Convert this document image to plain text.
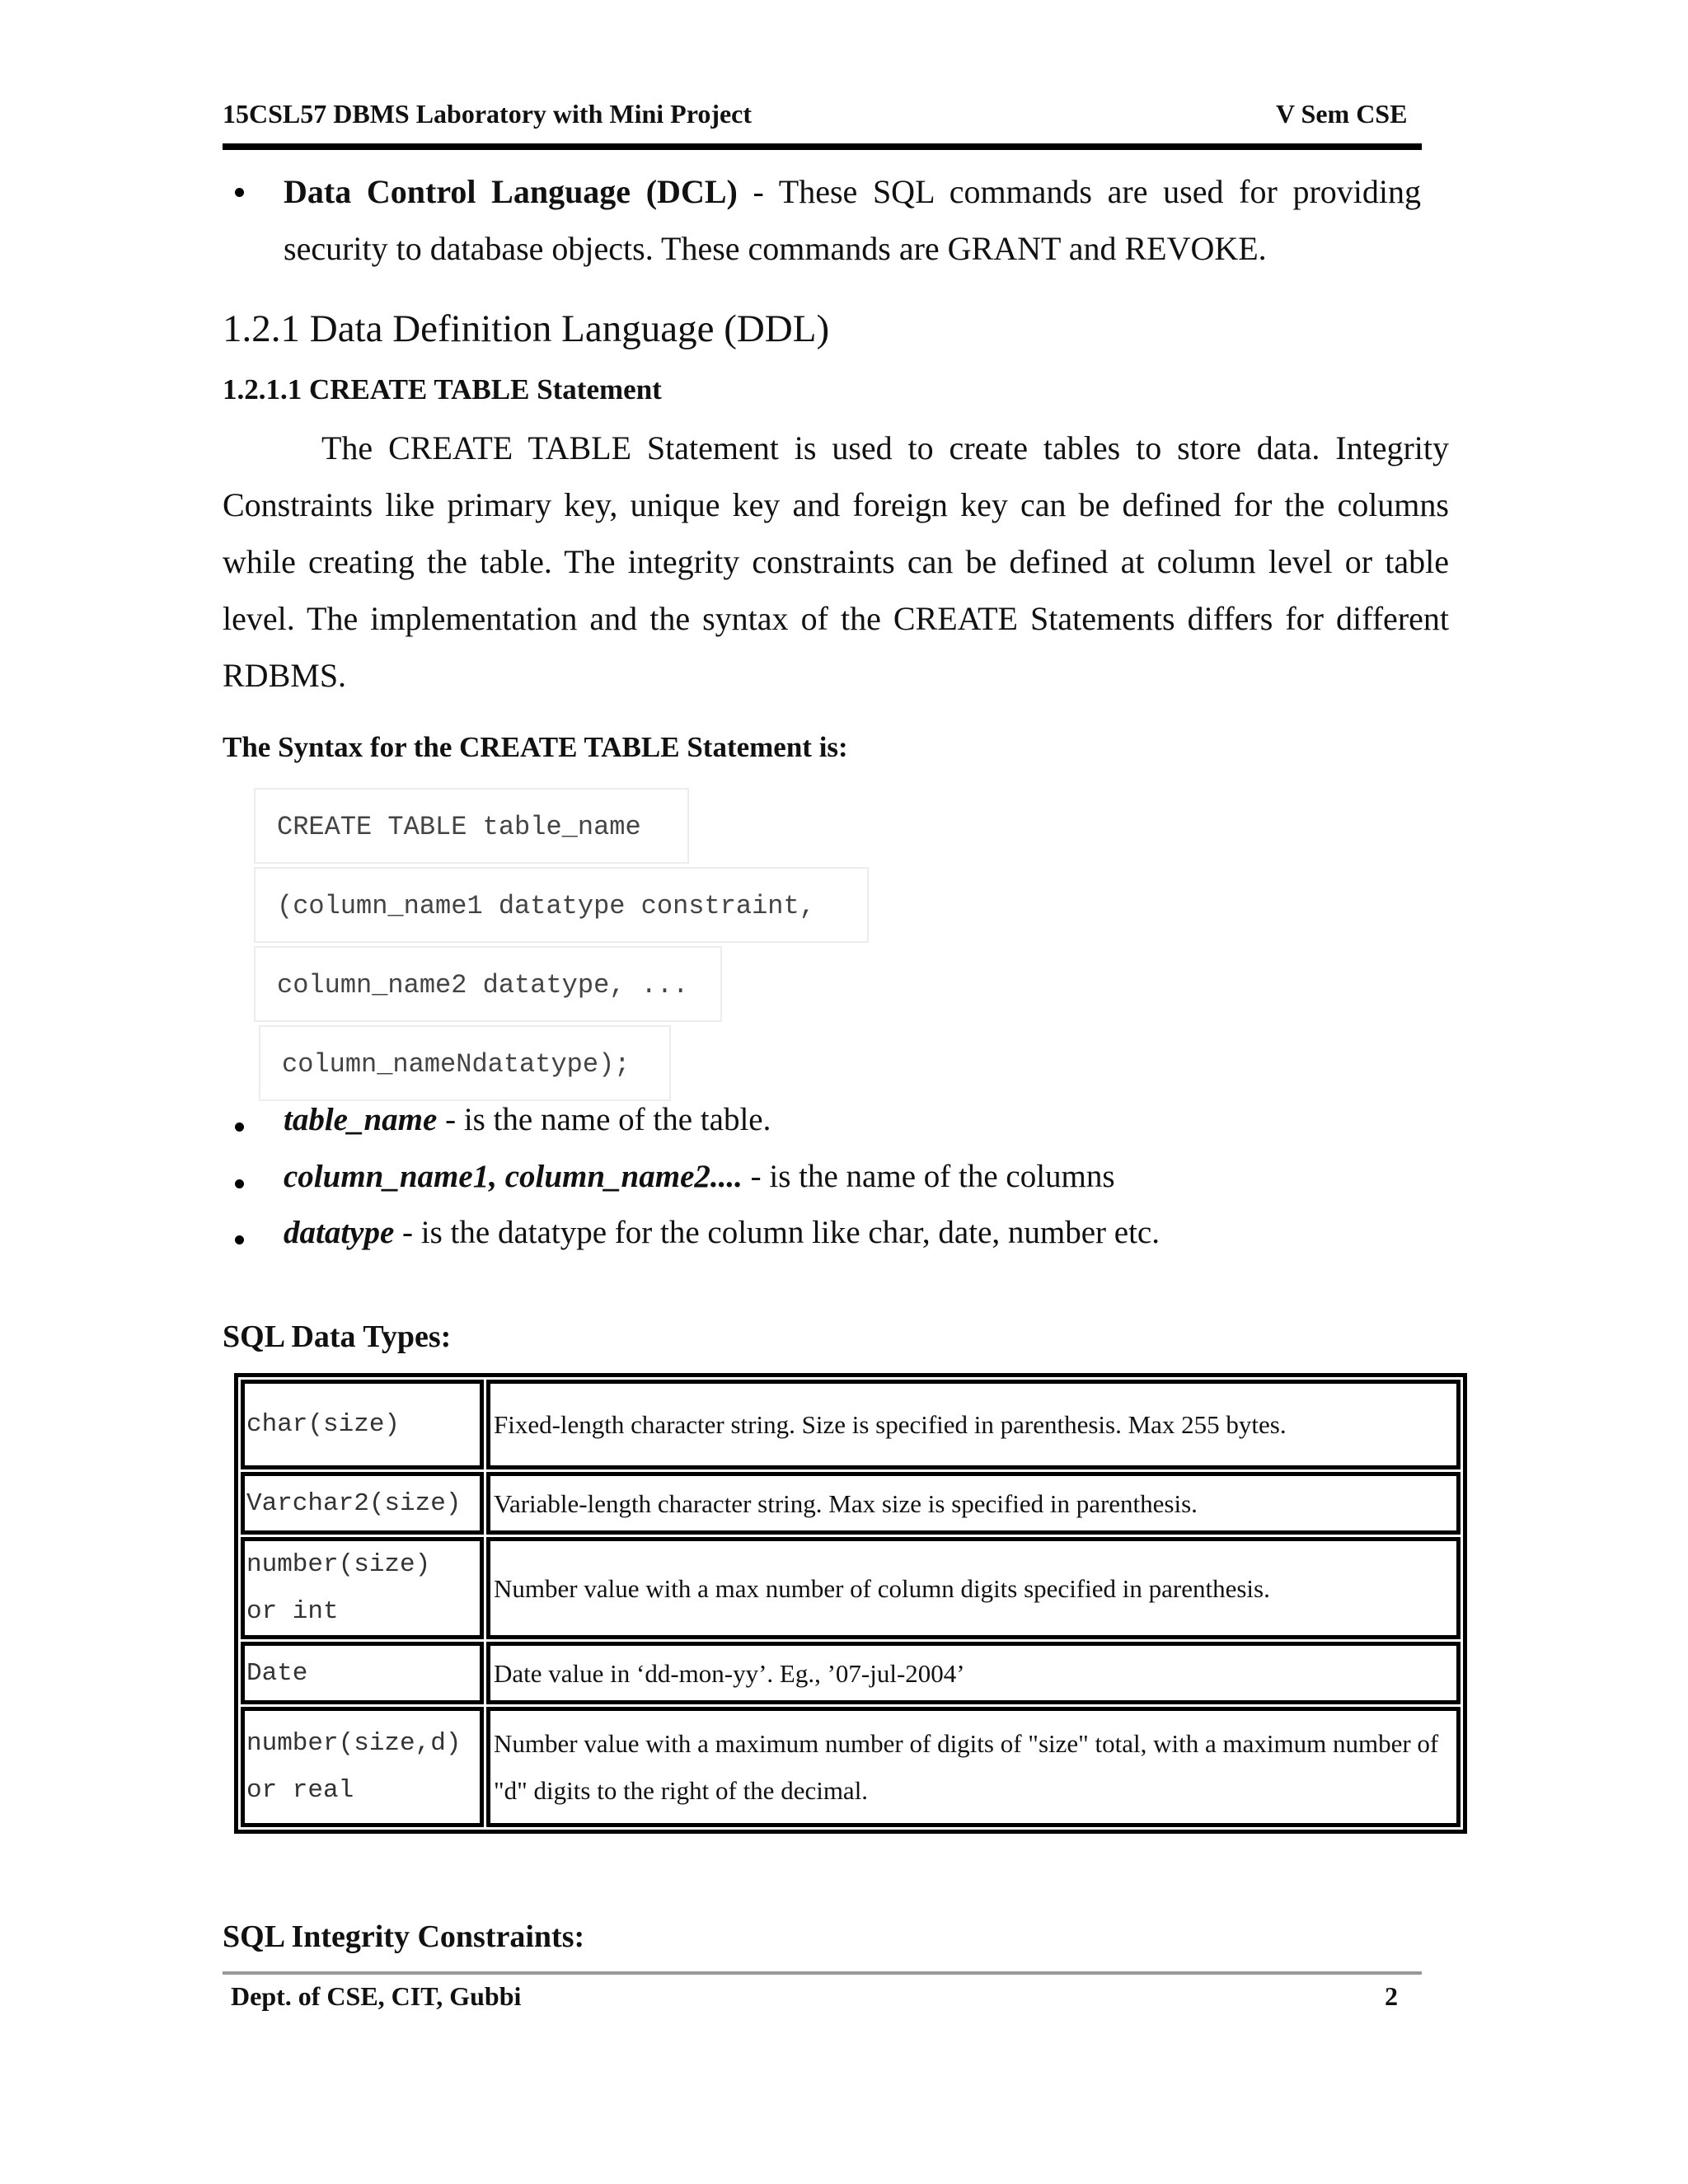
15CSL57 DBMS Laboratory with Mini Project	V Sem CSE
Data Control Language (DCL) - These SQL commands are used for providing
security to database objects. These commands are GRANT and REVOKE.
1.2.1 Data Definition Language (DDL)
1.2.1.1 CREATE TABLE Statement
The CREATE TABLE Statement is used to create tables to store data. Integrity Constraints like primary key, unique key and foreign key can be defined for the columns while creating the table. The integrity constraints can be defined at column level or table level. The implementation and the syntax of the CREATE Statements differs for different RDBMS.
The Syntax for the CREATE TABLE Statement is:
CREATE TABLE table_name
(column_name1 datatype constraint,
column_name2 datatype, ...
column_nameNdatatype);
table_name - is the name of the table.
column_name1, column_name2.... - is the name of the columns
datatype - is the datatype for the column like char, date, number etc.
SQL Data Types:
char(size)	Fixed-length character string. Size is specified in parenthesis. Max 255 bytes.

Varchar2(size)	Variable-length character string. Max size is specified in parenthesis.

number(size)
or int	Number value with a max number of column digits specified in parenthesis.

Date	Date value in ‘dd-mon-yy’. Eg., ’07-jul-2004’

number(size,d)
or real	Number value with a maximum number of digits of "size" total, with a maximum number of "d" digits to the right of the decimal.
SQL Integrity Constraints:
Dept. of CSE, CIT, Gubbi	2
